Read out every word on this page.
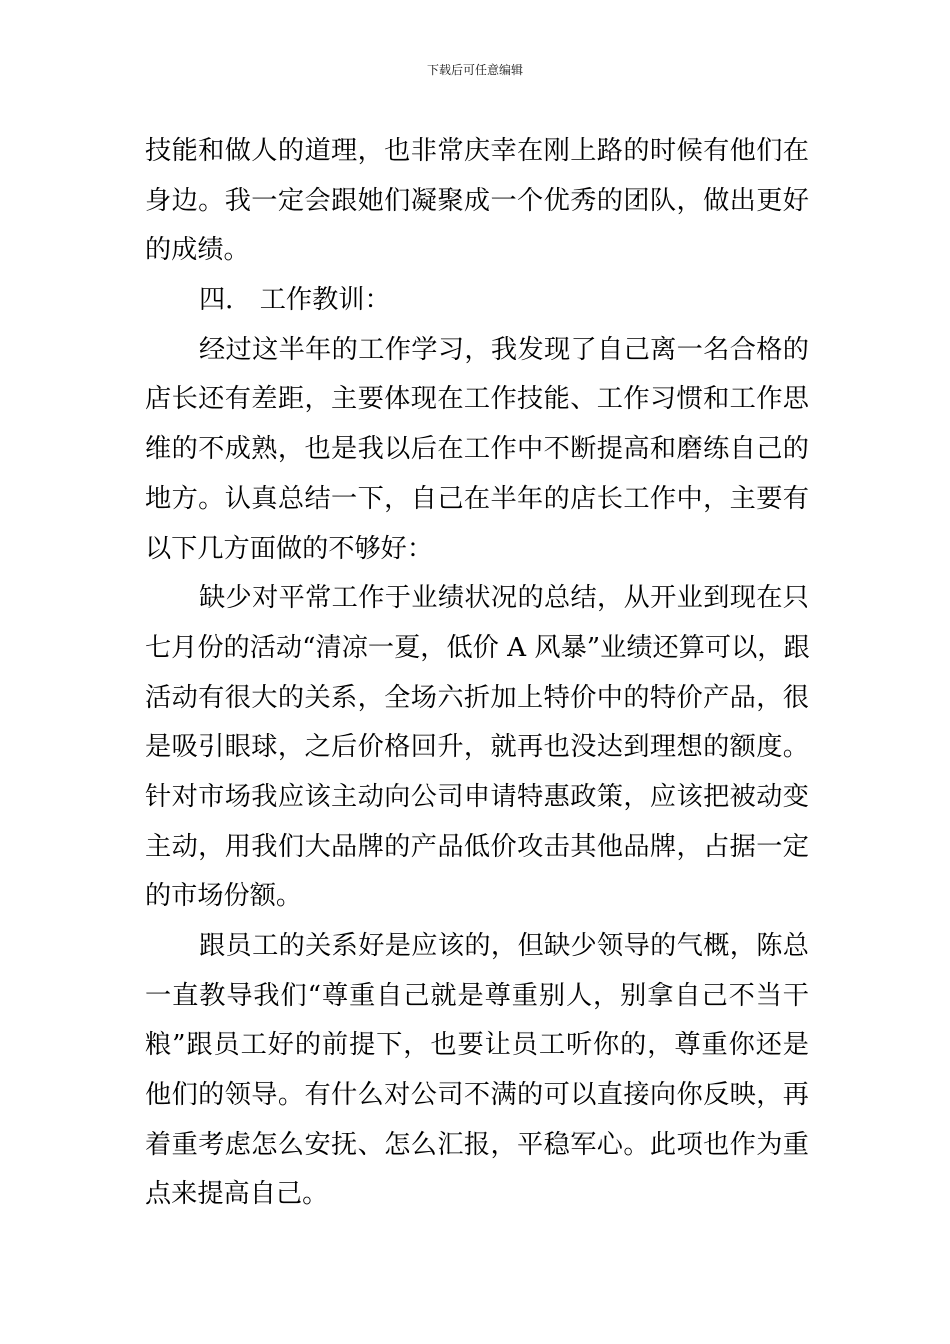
下载后可任意编辑
技能和做人的道理，也非常庆幸在刚上路的时候有他们在
身边。我一定会跟她们凝聚成一个优秀的团队，做出更好
的成绩。
四． 工作教训：
经过这半年的工作学习，我发现了自己离一名合格的
店长还有差距，主要体现在工作技能、工作习惯和工作思
维的不成熟，也是我以后在工作中不断提高和磨练自己的
地方。认真总结一下，自己在半年的店长工作中，主要有
以下几方面做的不够好：
缺少对平常工作于业绩状况的总结，从开业到现在只
七月份的活动“清凉一夏，低价 A 风暴”业绩还算可以，跟
活动有很大的关系，全场六折加上特价中的特价产品，很
是吸引眼球，之后价格回升，就再也没达到理想的额度。
针对市场我应该主动向公司申请特惠政策，应该把被动变
主动，用我们大品牌的产品低价攻击其他品牌，占据一定
的市场份额。
跟员工的关系好是应该的，但缺少领导的气概，陈总
一直教导我们“尊重自己就是尊重别人，别拿自己不当干
粮”跟员工好的前提下，也要让员工听你的，尊重你还是
他们的领导。有什么对公司不满的可以直接向你反映，再
着重考虑怎么安抚、怎么汇报，平稳军心。此项也作为重
点来提高自己。
